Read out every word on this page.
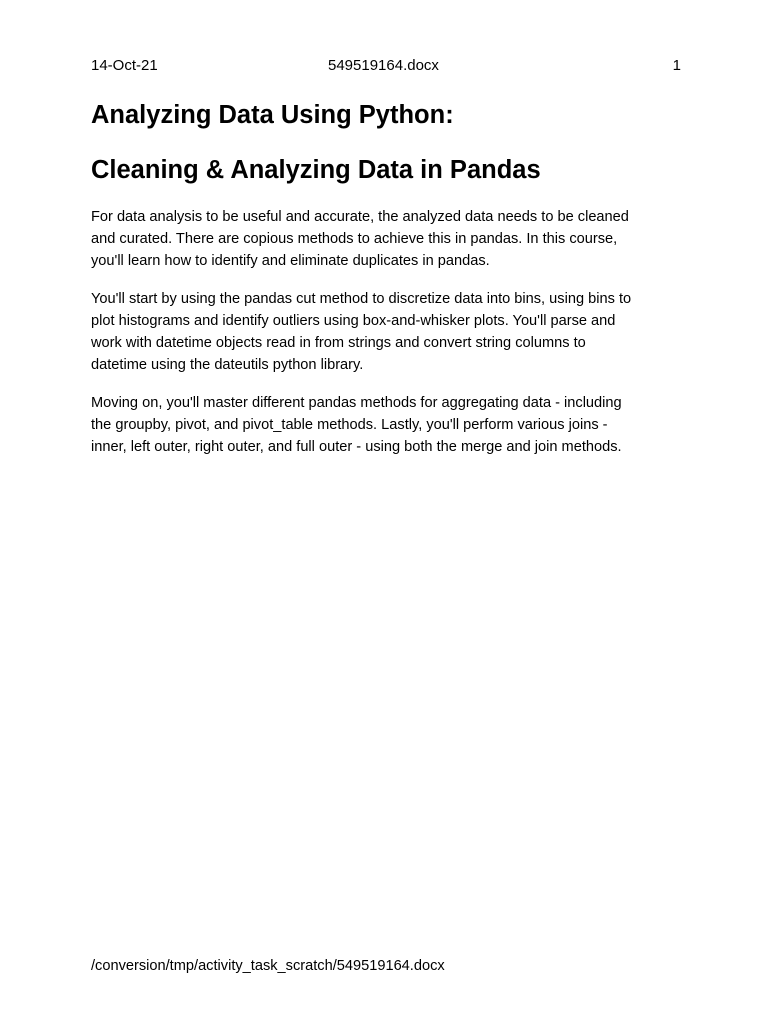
14-Oct-21	549519164.docx	1
Analyzing Data Using Python:
Cleaning & Analyzing Data in Pandas

For data analysis to be useful and accurate, the analyzed data needs to be cleaned
and curated. There are copious methods to achieve this in pandas. In this course,
you'll learn how to identify and eliminate duplicates in pandas.

You'll start by using the pandas cut method to discretize data into bins, using bins to
plot histograms and identify outliers using box-and-whisker plots. You'll parse and
work with datetime objects read in from strings and convert string columns to
datetime using the dateutils python library.

Moving on, you'll master different pandas methods for aggregating data - including
the groupby, pivot, and pivot_table methods. Lastly, you'll perform various joins -
inner, left outer, right outer, and full outer - using both the merge and join methods.

/conversion/tmp/activity_task_scratch/549519164.docx
